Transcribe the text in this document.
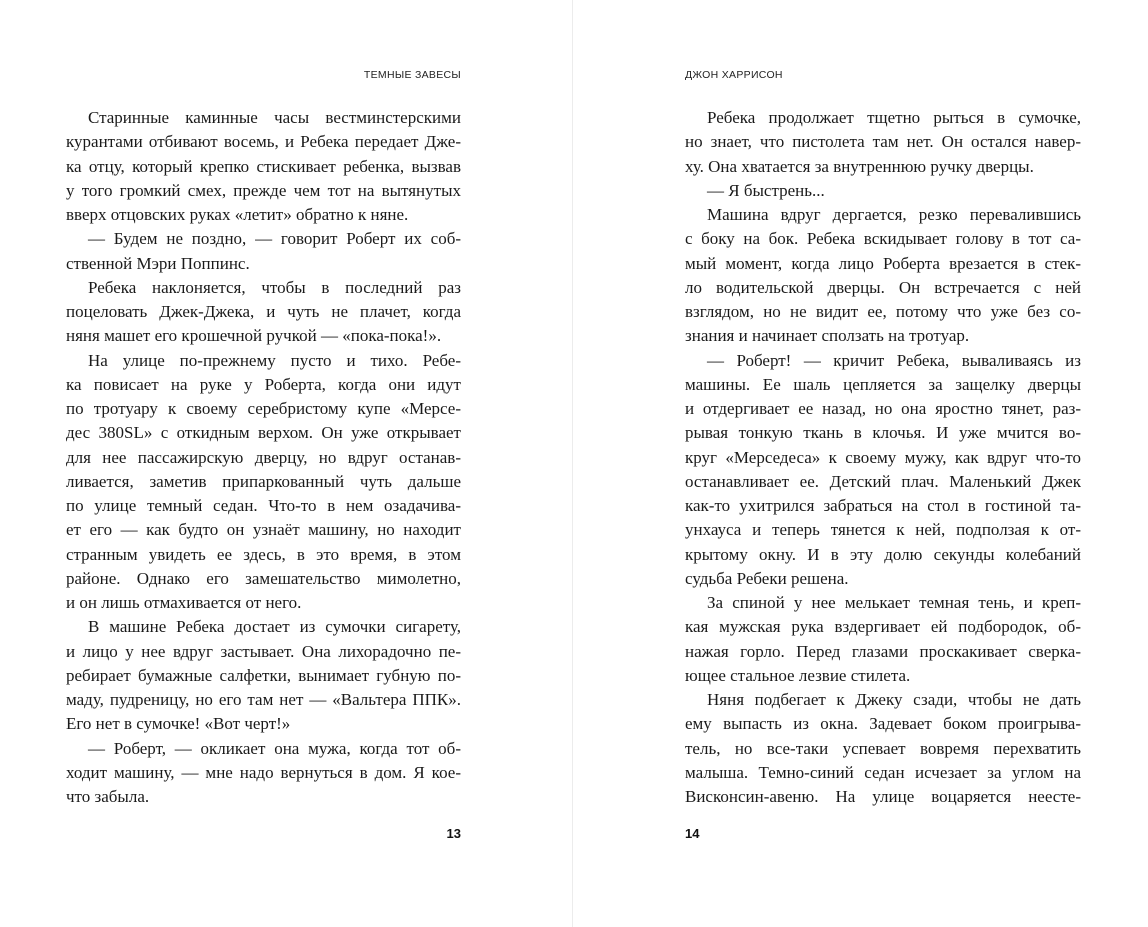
ТЕМНЫЕ ЗАВЕСЫ
Старинные каминные часы вестминстерскими
курантами отбивают восемь, и Ребека передает Дже-
ка отцу, который крепко стискивает ребенка, вызвав
у того громкий смех, прежде чем тот на вытянутых
вверх отцовских руках «летит» обратно к няне.
— Будем не поздно, — говорит Роберт их соб-
ственной Мэри Поппинс.
Ребека наклоняется, чтобы в последний раз
поцеловать Джек-Джека, и чуть не плачет, когда
няня машет его крошечной ручкой — «пока-пока!».
На улице по-прежнему пусто и тихо. Ребе-
ка повисает на руке у Роберта, когда они идут
по тротуару к своему серебристому купе «Мерсе-
дес 380SL» с откидным верхом. Он уже открывает
для нее пассажирскую дверцу, но вдруг останав-
ливается, заметив припаркованный чуть дальше
по улице темный седан. Что-то в нем озадачива-
ет его — как будто он узнаёт машину, но находит
странным увидеть ее здесь, в это время, в этом
районе. Однако его замешательство мимолетно,
и он лишь отмахивается от него.
В машине Ребека достает из сумочки сигарету,
и лицо у нее вдруг застывает. Она лихорадочно пе-
ребирает бумажные салфетки, вынимает губную по-
маду, пудреницу, но его там нет — «Вальтера ППК».
Его нет в сумочке! «Вот черт!»
— Роберт, — окликает она мужа, когда тот об-
ходит машину, — мне надо вернуться в дом. Я кое-
что забыла.
13
ДЖОН ХАРРИСОН
Ребека продолжает тщетно рыться в сумочке,
но знает, что пистолета там нет. Он остался навер-
ху. Она хватается за внутреннюю ручку дверцы.
— Я быстрень...
Машина вдруг дергается, резко перевалившись
с боку на бок. Ребека вскидывает голову в тот са-
мый момент, когда лицо Роберта врезается в стек-
ло водительской дверцы. Он встречается с ней
взглядом, но не видит ее, потому что уже без со-
знания и начинает сползать на тротуар.
— Роберт! — кричит Ребека, вываливаясь из
машины. Ее шаль цепляется за защелку дверцы
и отдергивает ее назад, но она яростно тянет, раз-
рывая тонкую ткань в клочья. И уже мчится во-
круг «Мерседеса» к своему мужу, как вдруг что-то
останавливает ее. Детский плач. Маленький Джек
как-то ухитрился забраться на стол в гостиной та-
унхауса и теперь тянется к ней, подползая к от-
крытому окну. И в эту долю секунды колебаний
судьба Ребеки решена.
За спиной у нее мелькает темная тень, и креп-
кая мужская рука вздергивает ей подбородок, об-
нажая горло. Перед глазами проскакивает сверка-
ющее стальное лезвие стилета.
Няня подбегает к Джеку сзади, чтобы не дать
ему выпасть из окна. Задевает боком проигрыва-
тель, но все-таки успевает вовремя перехватить
малыша. Темно-синий седан исчезает за углом на
Висконсин-авеню. На улице воцаряется неесте-
14
